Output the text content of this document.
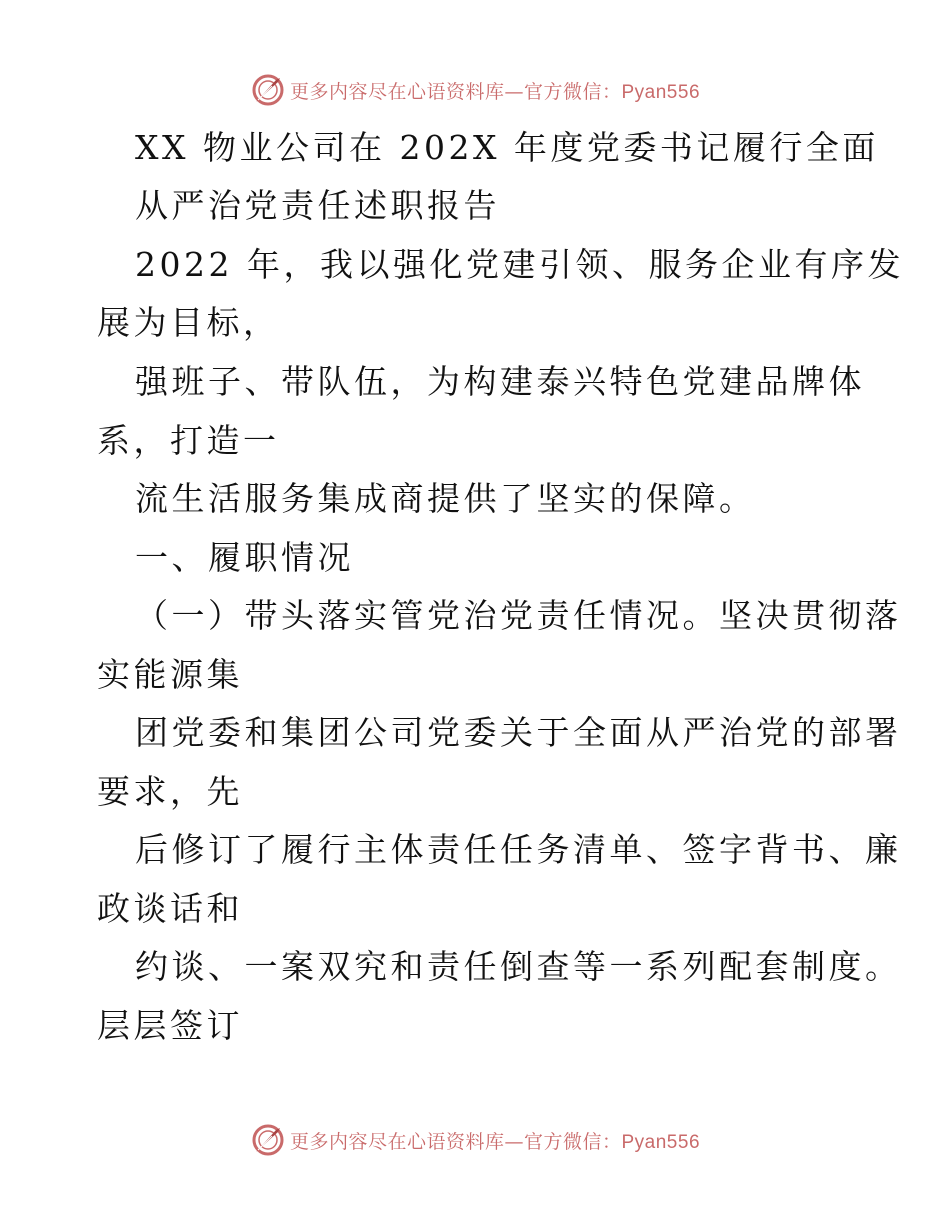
更多内容尽在心语资料库—官方微信：Pyan556
XX 物业公司在 202X 年度党委书记履行全面
从严治党责任述职报告
2022 年，我以强化党建引领、服务企业有序发
展为目标，
强班子、带队伍，为构建泰兴特色党建品牌体
系，打造一
流生活服务集成商提供了坚实的保障。
一、履职情况
（一）带头落实管党治党责任情况。坚决贯彻落
实能源集
团党委和集团公司党委关于全面从严治党的部署
要求，先
后修订了履行主体责任任务清单、签字背书、廉
政谈话和
约谈、一案双究和责任倒查等一系列配套制度。
层层签订
更多内容尽在心语资料库—官方微信：Pyan556
